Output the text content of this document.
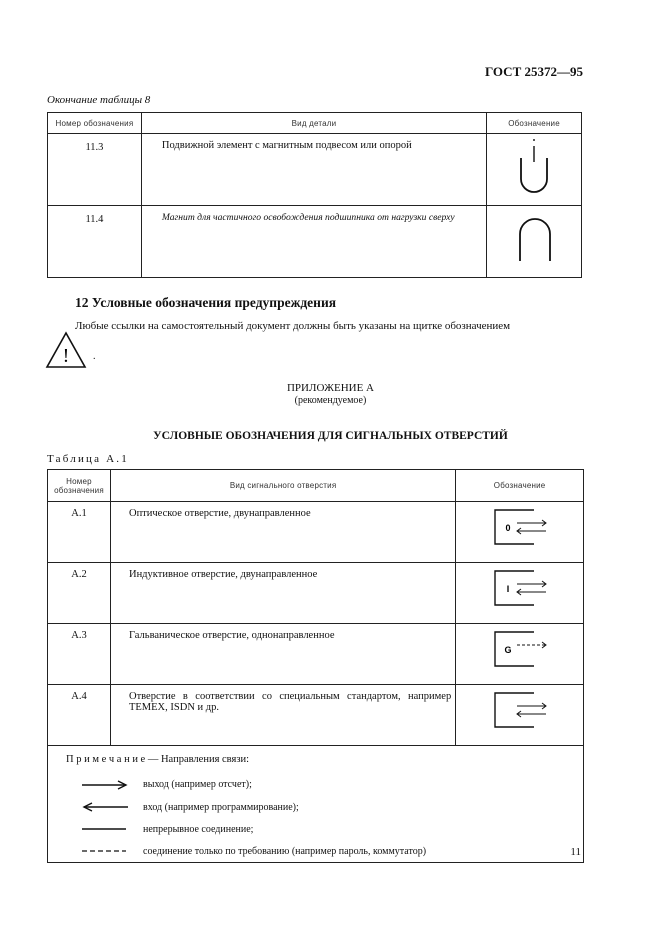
ГОСТ 25372—95
Окончание таблицы 8
Номер обозначения	Вид детали	Обозначение
11.3	Подвижной элемент с магнитным подвесом или опорой	

11.4	Магнит для частичного освобождения подшипника от нагрузки сверху	
12 Условные обозначения предупреждения
Любые ссылки на самостоятельный документ должны быть указаны на щитке обозначением
! .
ПРИЛОЖЕНИЕ А
(рекомендуемое)
УСЛОВНЫЕ ОБОЗНАЧЕНИЯ ДЛЯ СИГНАЛЬНЫХ ОТВЕРСТИЙ
Таблица А.1
Номер обозначения	Вид сигнального отверстия	Обозначение
А.1	Оптическое отверстие, двунаправленное	0

А.2	Индуктивное отверстие, двунаправленное	I

А.3	Гальваническое отверстие, однонаправленное	G

А.4	Отверстие в соответствии со специальным стандартом, например TEMEX, ISDN и др.	

П р и м е ч а н и е — Направления связи:
выход (например отсчет);
вход (например программирование);
непрерывное соединение;
соединение только по требованию (например пароль, коммутатор)			11
